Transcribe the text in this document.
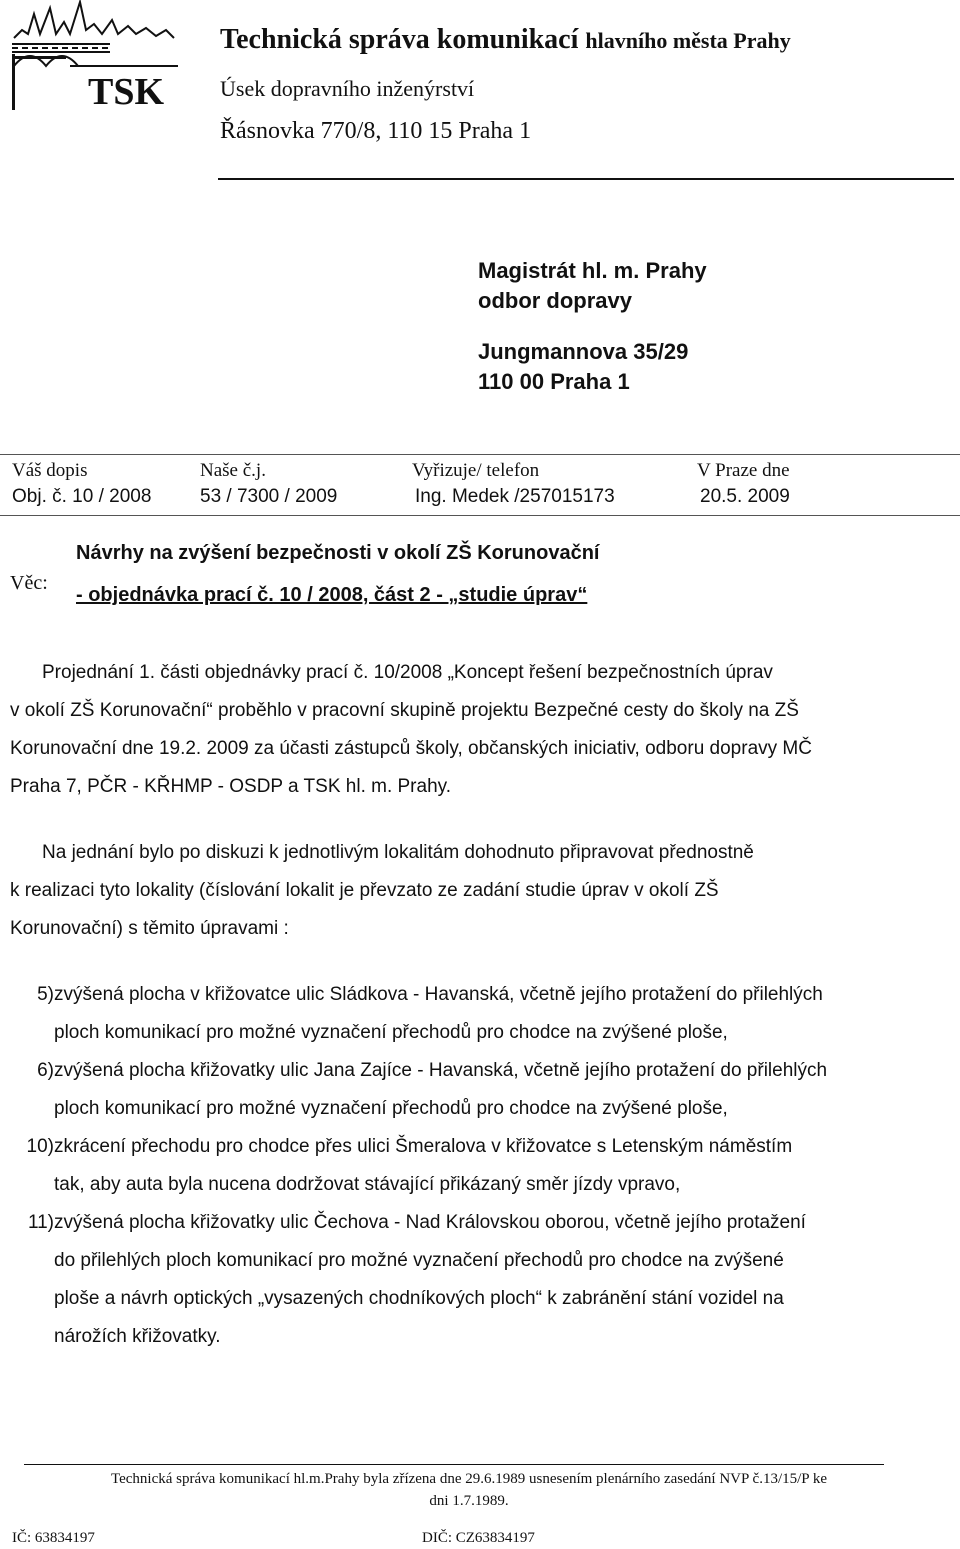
TSK
Technická správa komunikací hlavního města Prahy
Úsek dopravního inženýrství
Řásnovka 770/8, 110 15 Praha 1
Magistrát hl. m. Prahy
odbor dopravy
Jungmannova 35/29
110 00 Praha 1
Váš dopis	Naše č.j.	Vyřizuje/ telefon	V Praze dne
Obj. č. 10 / 2008	53 / 7300 / 2009	Ing. Medek /257015173	20.5. 2009
Věc:
Návrhy na zvýšení bezpečnosti v okolí ZŠ Korunovační
- objednávka prací č. 10 / 2008, část 2 - „studie úprav“
Projednání 1. části objednávky prací č. 10/2008 „Koncept řešení bezpečnostních úprav
v okolí ZŠ Korunovační“ proběhlo v pracovní skupině projektu Bezpečné cesty do školy na ZŠ
Korunovační dne 19.2. 2009 za účasti zástupců školy, občanských iniciativ, odboru dopravy MČ
Praha 7, PČR - KŘHMP - OSDP a TSK hl. m. Prahy.
Na jednání bylo po diskuzi k jednotlivým lokalitám dohodnuto připravovat přednostně
k realizaci tyto lokality (číslování lokalit je převzato ze zadání studie úprav v okolí ZŠ
Korunovační) s těmito úpravami :
5) zvýšená plocha v křižovatce ulic Sládkova - Havanská, včetně jejího protažení do přilehlých
ploch komunikací pro možné vyznačení přechodů pro chodce na zvýšené ploše,
6) zvýšená plocha křižovatky ulic Jana Zajíce - Havanská, včetně jejího protažení do přilehlých
ploch komunikací pro možné vyznačení přechodů pro chodce na zvýšené ploše,
10) zkrácení přechodu pro chodce přes ulici Šmeralova v křižovatce s Letenským náměstím
tak, aby auta byla nucena dodržovat stávající přikázaný směr jízdy vpravo,
11) zvýšená plocha křižovatky ulic Čechova - Nad Královskou oborou, včetně jejího protažení
do přilehlých ploch komunikací pro možné vyznačení přechodů pro chodce na zvýšené
ploše a návrh optických „vysazených chodníkových ploch“ k zabránění stání vozidel na
nárožích křižovatky.
Technická správa komunikací hl.m.Prahy byla zřízena dne 29.6.1989 usnesením plenárního zasedání NVP č.13/15/P ke
dni 1.7.1989.
IČ: 63834197	DIČ: CZ63834197
